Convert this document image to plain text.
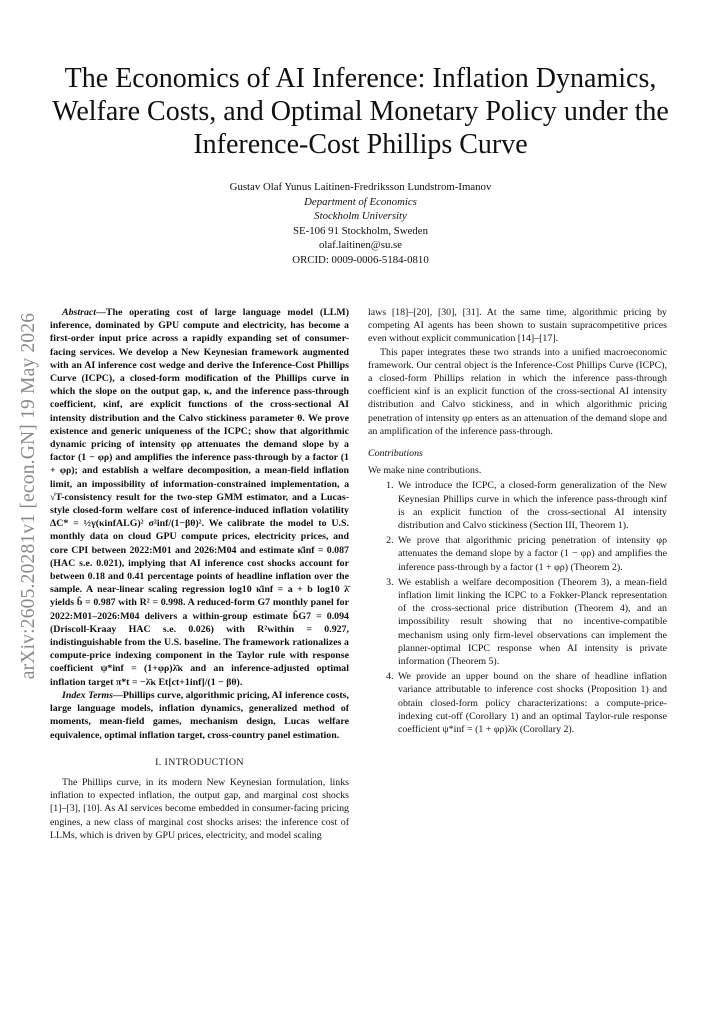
The Economics of AI Inference: Inflation Dynamics, Welfare Costs, and Optimal Monetary Policy under the Inference-Cost Phillips Curve
Gustav Olaf Yunus Laitinen-Fredriksson Lundstrom-Imanov
Department of Economics
Stockholm University
SE-106 91 Stockholm, Sweden
olaf.laitinen@su.se
ORCID: 0009-0006-5184-0810
arXiv:2605.20281v1 [econ.GN] 19 May 2026

Abstract—The operating cost of large language model (LLM) inference, dominated by GPU compute and electricity, has become a first-order input price across a rapidly expanding set of consumer-facing services. We develop a New Keynesian framework augmented with an AI inference cost wedge and derive the Inference-Cost Phillips Curve (ICPC), a closed-form modification of the Phillips curve in which the slope on the output gap, κ, and the inference pass-through coefficient, κinf, are explicit functions of the cross-sectional AI intensity distribution and the Calvo stickiness parameter θ. We prove existence and generic uniqueness of the ICPC; show that algorithmic dynamic pricing of intensity φρ attenuates the demand slope by a factor (1 − φρ) and amplifies the inference pass-through by a factor (1 + φρ); and establish a welfare decomposition, a mean-field inflation limit, an impossibility of information-constrained implementation, a √T-consistency result for the two-step GMM estimator, and a Lucas-style closed-form welfare cost of inference-induced inflation volatility ΔC* = ½γ(κinfALG)² σ²inf/(1−βθ)². We calibrate the model to U.S. monthly data on cloud GPU compute prices, electricity prices, and core CPI between 2022:M01 and 2026:M04 and estimate κ̂inf = 0.087 (HAC s.e. 0.021), implying that AI inference cost shocks account for between 0.18 and 0.41 percentage points of headline inflation over the sample. A near-linear scaling regression log10 κ̂inf = a + b log10 λ̄ yields b̂ = 0.987 with R² = 0.998. A reduced-form G7 monthly panel for 2022:M01–2026:M04 delivers a within-group estimate b̂G7 = 0.094 (Driscoll-Kraay HAC s.e. 0.026) with R²within = 0.927, indistinguishable from the U.S. baseline. The framework rationalizes a compute-price indexing component in the Taylor rule with response coefficient ψ*inf = (1+φρ)λ̄κ and an inference-adjusted optimal inflation target π*t = −λ̄κ Et[ct+1inf]/(1 − βθ).

Index Terms—Phillips curve, algorithmic pricing, AI inference costs, large language models, inflation dynamics, generalized method of moments, mean-field games, mechanism design, Lucas welfare equivalence, optimal inflation target, cross-country panel estimation.

I. INTRODUCTION

The Phillips curve, in its modern New Keynesian formulation, links inflation to expected inflation, the output gap, and marginal cost shocks [1]–[3], [10]. As AI services become embedded in consumer-facing pricing engines, a new class of marginal cost shocks arises: the inference cost of LLMs, which is driven by GPU prices, electricity, and model scaling

laws [18]–[20], [30], [31]. At the same time, algorithmic pricing by competing AI agents has been shown to sustain supracompetitive prices even without explicit communication [14]–[17].

This paper integrates these two strands into a unified macroeconomic framework. Our central object is the Inference-Cost Phillips Curve (ICPC), a closed-form Phillips relation in which the inference pass-through coefficient κinf is an explicit function of the cross-sectional AI intensity distribution and Calvo stickiness, and in which algorithmic pricing penetration of intensity φρ enters as an attenuation of the demand slope and an amplification of the inference pass-through.

Contributions

We make nine contributions.

1. We introduce the ICPC, a closed-form generalization of the New Keynesian Phillips curve in which the inference pass-through κinf is an explicit function of the cross-sectional AI intensity distribution and Calvo stickiness (Section III, Theorem 1).
2. We prove that algorithmic pricing penetration of intensity φρ attenuates the demand slope by a factor (1 − φρ) and amplifies the inference pass-through by a factor (1 + φρ) (Theorem 2).
3. We establish a welfare decomposition (Theorem 3), a mean-field inflation limit linking the ICPC to a Fokker-Planck representation of the cross-sectional price distribution (Theorem 4), and an impossibility result showing that no incentive-compatible mechanism using only firm-level observations can implement the planner-optimal ICPC response when AI intensity is private information (Theorem 5).
4. We provide an upper bound on the share of headline inflation variance attributable to inference cost shocks (Proposition 1) and obtain closed-form policy characterizations: a compute-price-indexing cut-off (Corollary 1) and an optimal Taylor-rule response coefficient ψ*inf = (1 + φρ)λ̄κ (Corollary 2).
